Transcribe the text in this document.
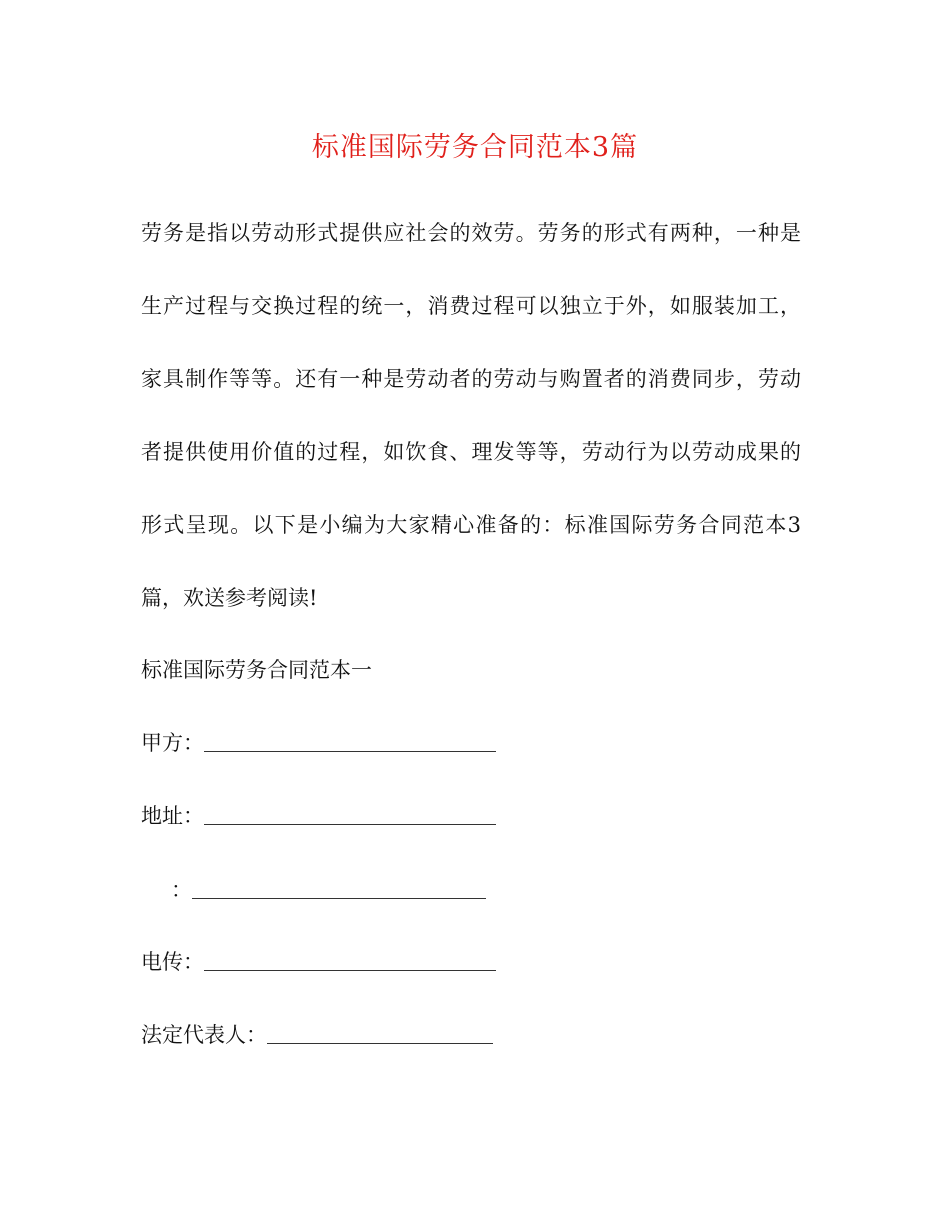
标准国际劳务合同范本3篇
劳务是指以劳动形式提供应社会的效劳。劳务的形式有两种，一种是
生产过程与交换过程的统一，消费过程可以独立于外，如服装加工，
家具制作等等。还有一种是劳动者的劳动与购置者的消费同步，劳动
者提供使用价值的过程，如饮食、理发等等，劳动行为以劳动成果的
形式呈现。以下是小编为大家精心准备的：标准国际劳务合同范本3
篇，欢送参考阅读!
标准国际劳务合同范本一
甲方：
地址：
：
电传：
法定代表人：
